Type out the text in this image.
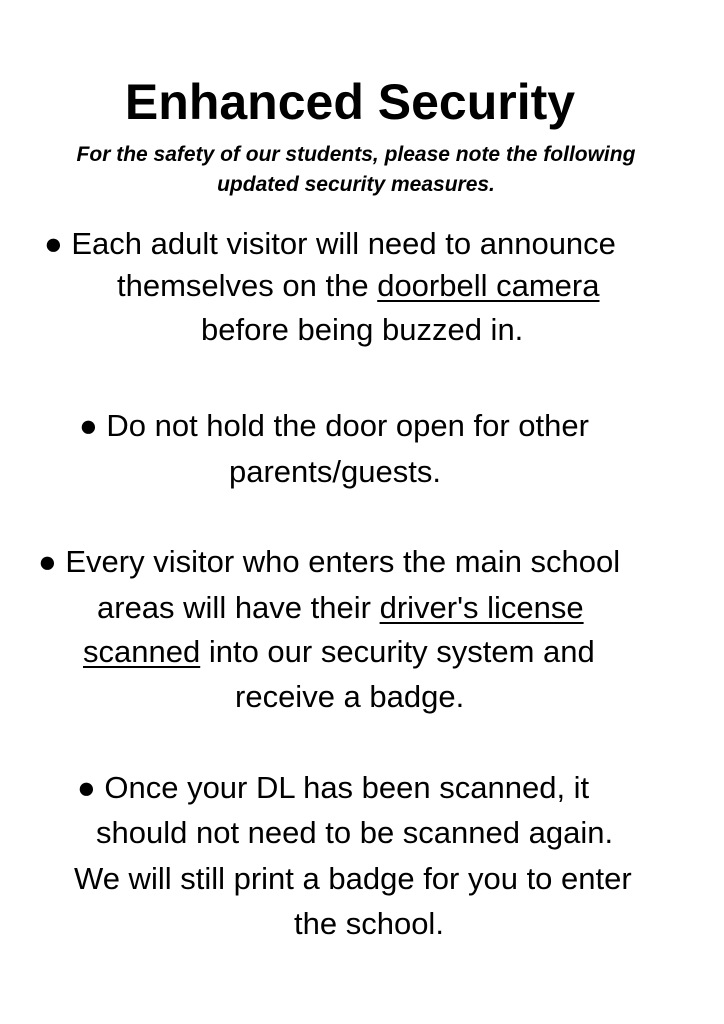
Enhanced Security
For the safety of our students, please note the following
updated security measures.
● Each adult visitor will need to announce
themselves on the doorbell camera
before being buzzed in.
● Do not hold the door open for other
parents/guests.
● Every visitor who enters the main school
areas will have their driver's license
scanned into our security system and
receive a badge.
● Once your DL has been scanned, it
should not need to be scanned again.
We will still print a badge for you to enter
the school.
